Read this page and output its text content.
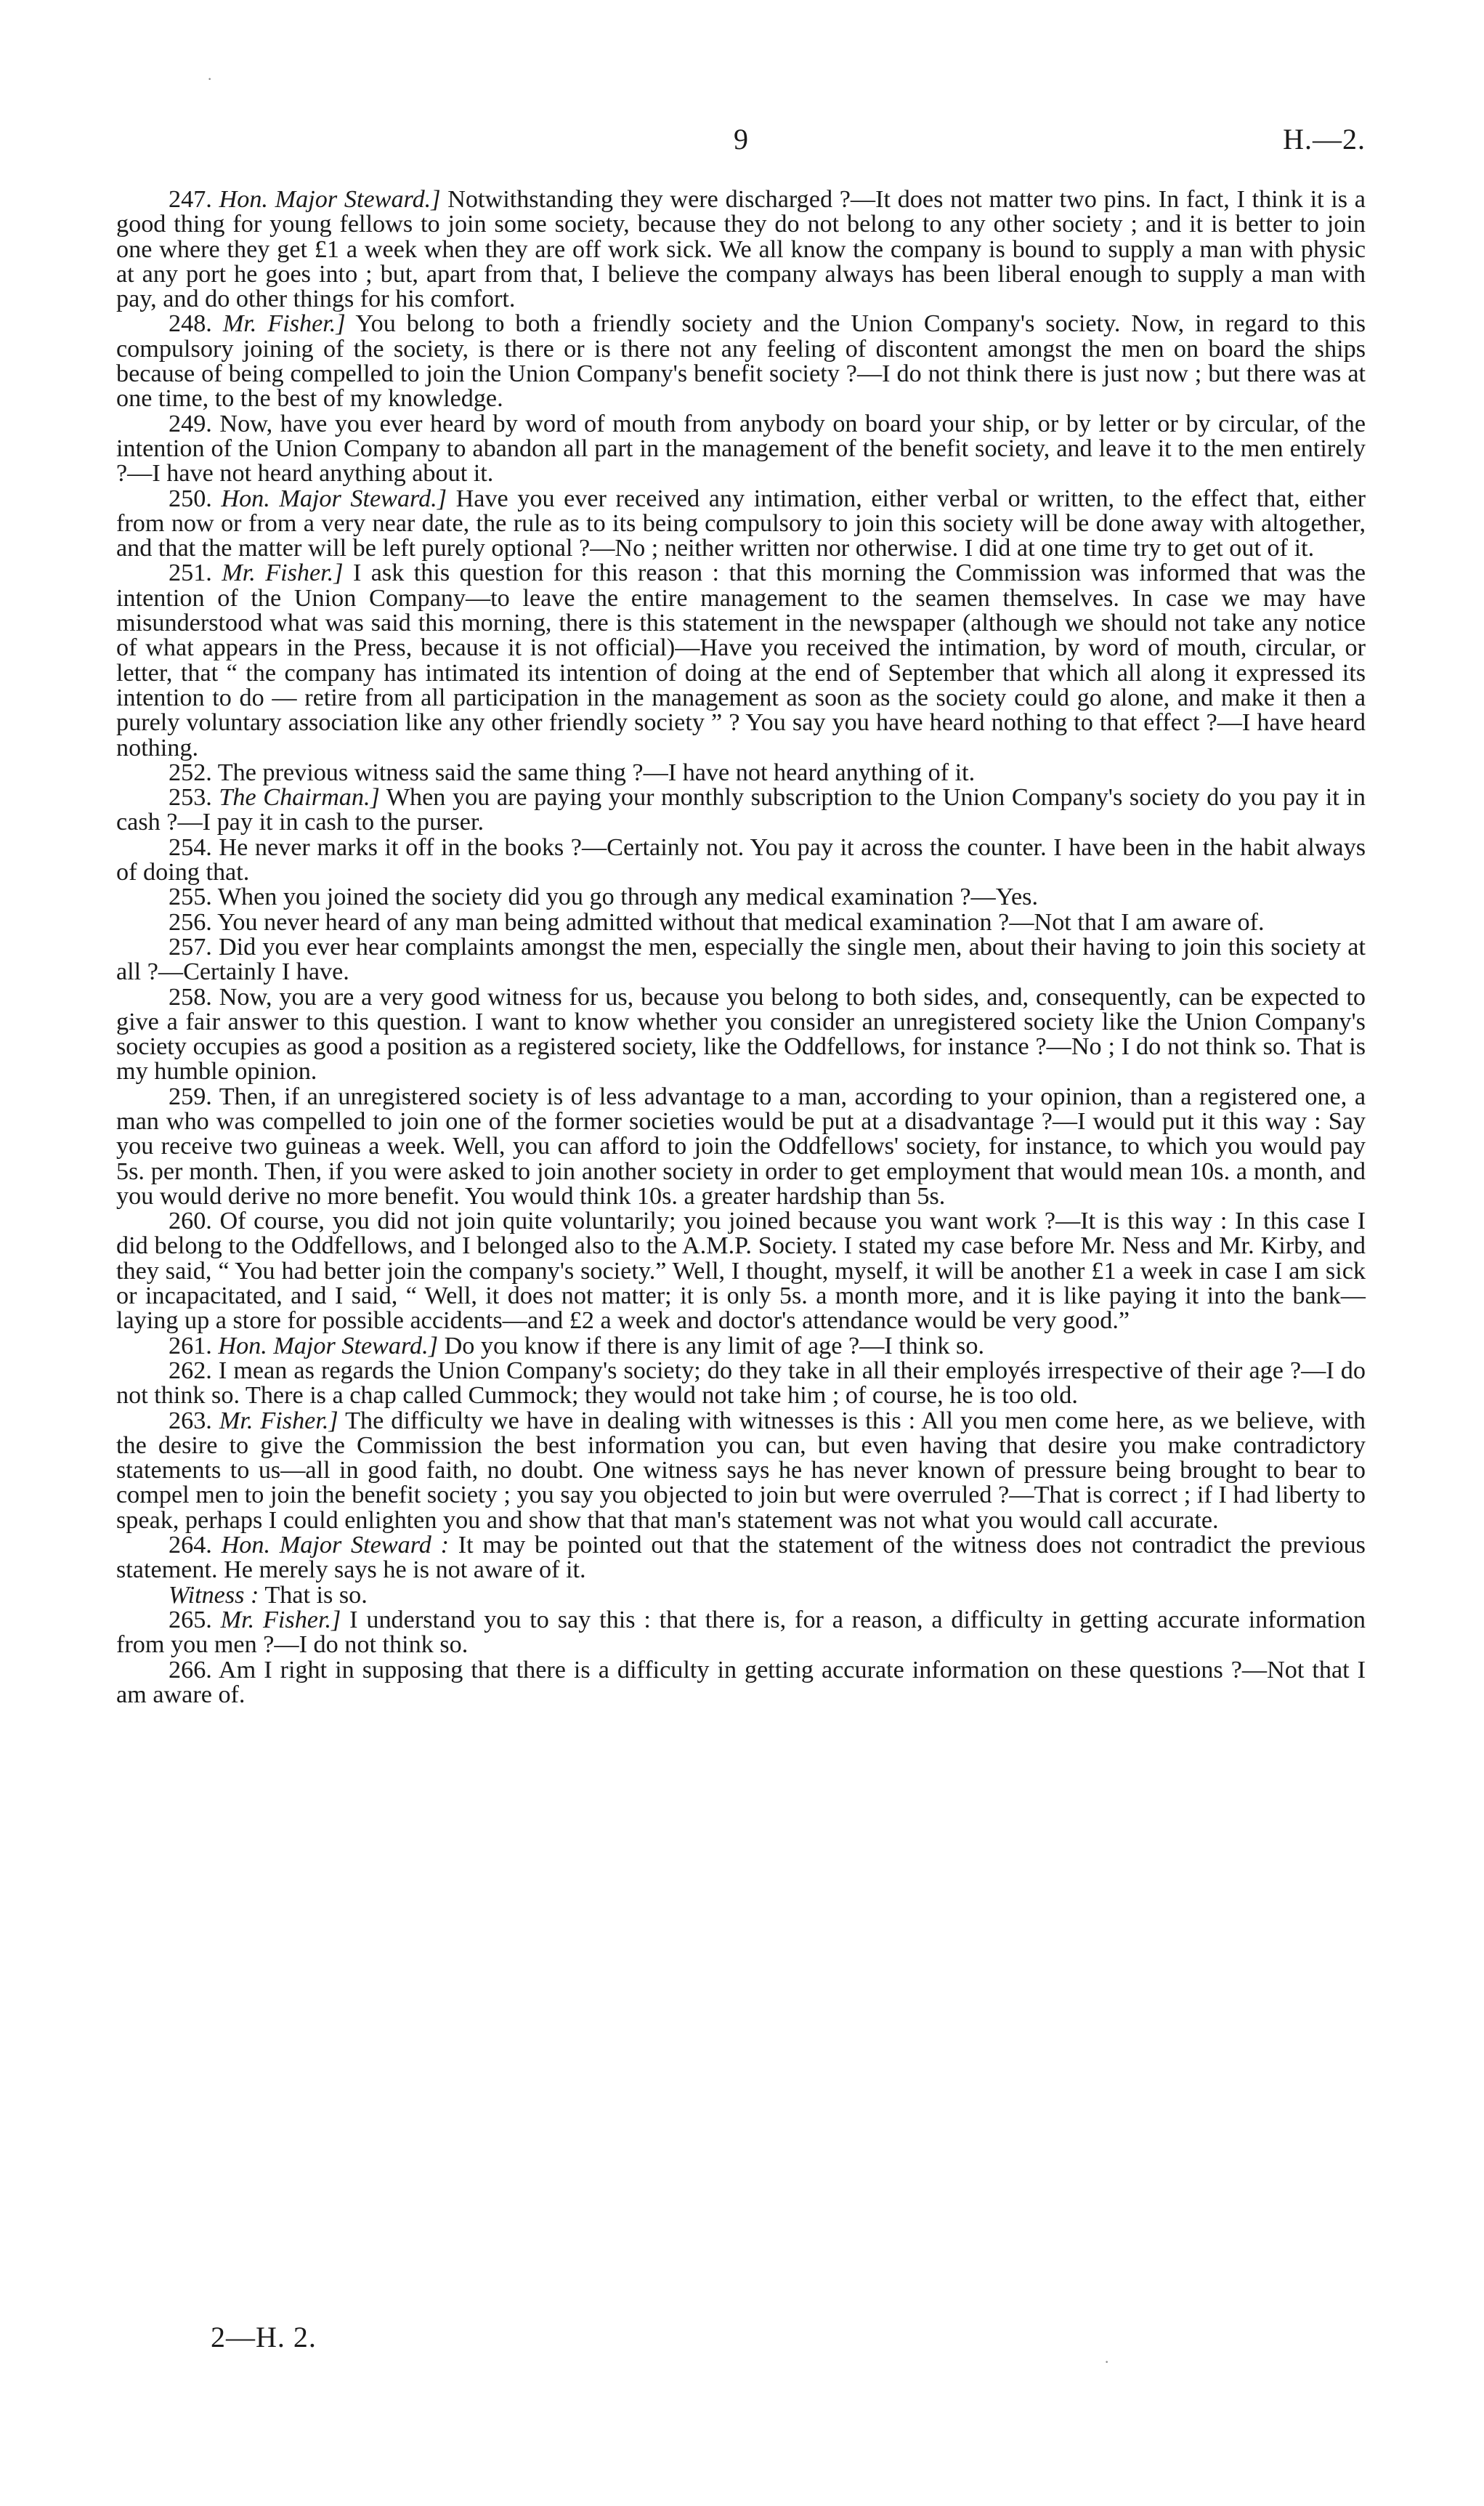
9	H.—2.

247. Hon. Major Steward.] Notwithstanding they were discharged ?—It does not matter two pins. In fact, I think it is a good thing for young fellows to join some society, because they do not belong to any other society ; and it is better to join one where they get £1 a week when they are off work sick. We all know the company is bound to supply a man with physic at any port he goes into ; but, apart from that, I believe the company always has been liberal enough to supply a man with pay, and do other things for his comfort.

248. Mr. Fisher.] You belong to both a friendly society and the Union Company's society. Now, in regard to this compulsory joining of the society, is there or is there not any feeling of discontent amongst the men on board the ships because of being compelled to join the Union Company's benefit society ?—I do not think there is just now ; but there was at one time, to the best of my knowledge.

249. Now, have you ever heard by word of mouth from anybody on board your ship, or by letter or by circular, of the intention of the Union Company to abandon all part in the management of the benefit society, and leave it to the men entirely ?—I have not heard anything about it.

250. Hon. Major Steward.] Have you ever received any intimation, either verbal or written, to the effect that, either from now or from a very near date, the rule as to its being compulsory to join this society will be done away with altogether, and that the matter will be left purely optional ?—No ; neither written nor otherwise. I did at one time try to get out of it.

251. Mr. Fisher.] I ask this question for this reason : that this morning the Commission was informed that was the intention of the Union Company—to leave the entire management to the seamen themselves. In case we may have misunderstood what was said this morning, there is this statement in the newspaper (although we should not take any notice of what appears in the Press, because it is not official)—Have you received the intimation, by word of mouth, circular, or letter, that “ the company has intimated its intention of doing at the end of September that which all along it expressed its intention to do — retire from all participation in the management as soon as the society could go alone, and make it then a purely voluntary association like any other friendly society ” ? You say you have heard nothing to that effect ?—I have heard nothing.

252. The previous witness said the same thing ?—I have not heard anything of it.

253. The Chairman.] When you are paying your monthly subscription to the Union Company's society do you pay it in cash ?—I pay it in cash to the purser.

254. He never marks it off in the books ?—Certainly not. You pay it across the counter. I have been in the habit always of doing that.

255. When you joined the society did you go through any medical examination ?—Yes.

256. You never heard of any man being admitted without that medical examination ?—Not that I am aware of.

257. Did you ever hear complaints amongst the men, especially the single men, about their having to join this society at all ?—Certainly I have.

258. Now, you are a very good witness for us, because you belong to both sides, and, consequently, can be expected to give a fair answer to this question. I want to know whether you consider an unregistered society like the Union Company's society occupies as good a position as a registered society, like the Oddfellows, for instance ?—No ; I do not think so. That is my humble opinion.

259. Then, if an unregistered society is of less advantage to a man, according to your opinion, than a registered one, a man who was compelled to join one of the former societies would be put at a disadvantage ?—I would put it this way : Say you receive two guineas a week. Well, you can afford to join the Oddfellows' society, for instance, to which you would pay 5s. per month. Then, if you were asked to join another society in order to get employment that would mean 10s. a month, and you would derive no more benefit. You would think 10s. a greater hardship than 5s.

260. Of course, you did not join quite voluntarily; you joined because you want work ?—It is this way : In this case I did belong to the Oddfellows, and I belonged also to the A.M.P. Society. I stated my case before Mr. Ness and Mr. Kirby, and they said, “ You had better join the company's society.” Well, I thought, myself, it will be another £1 a week in case I am sick or incapacitated, and I said, “ Well, it does not matter; it is only 5s. a month more, and it is like paying it into the bank—laying up a store for possible accidents—and £2 a week and doctor's attendance would be very good.”

261. Hon. Major Steward.] Do you know if there is any limit of age ?—I think so.

262. I mean as regards the Union Company's society; do they take in all their employés irrespective of their age ?—I do not think so. There is a chap called Cummock; they would not take him ; of course, he is too old.

263. Mr. Fisher.] The difficulty we have in dealing with witnesses is this : All you men come here, as we believe, with the desire to give the Commission the best information you can, but even having that desire you make contradictory statements to us—all in good faith, no doubt. One witness says he has never known of pressure being brought to bear to compel men to join the benefit society ; you say you objected to join but were overruled ?—That is correct ; if I had liberty to speak, perhaps I could enlighten you and show that that man's statement was not what you would call accurate.

264. Hon. Major Steward : It may be pointed out that the statement of the witness does not contradict the previous statement. He merely says he is not aware of it.

Witness : That is so.

265. Mr. Fisher.] I understand you to say this : that there is, for a reason, a difficulty in getting accurate information from you men ?—I do not think so.

266. Am I right in supposing that there is a difficulty in getting accurate information on these questions ?—Not that I am aware of.

2—H. 2.
·
·
